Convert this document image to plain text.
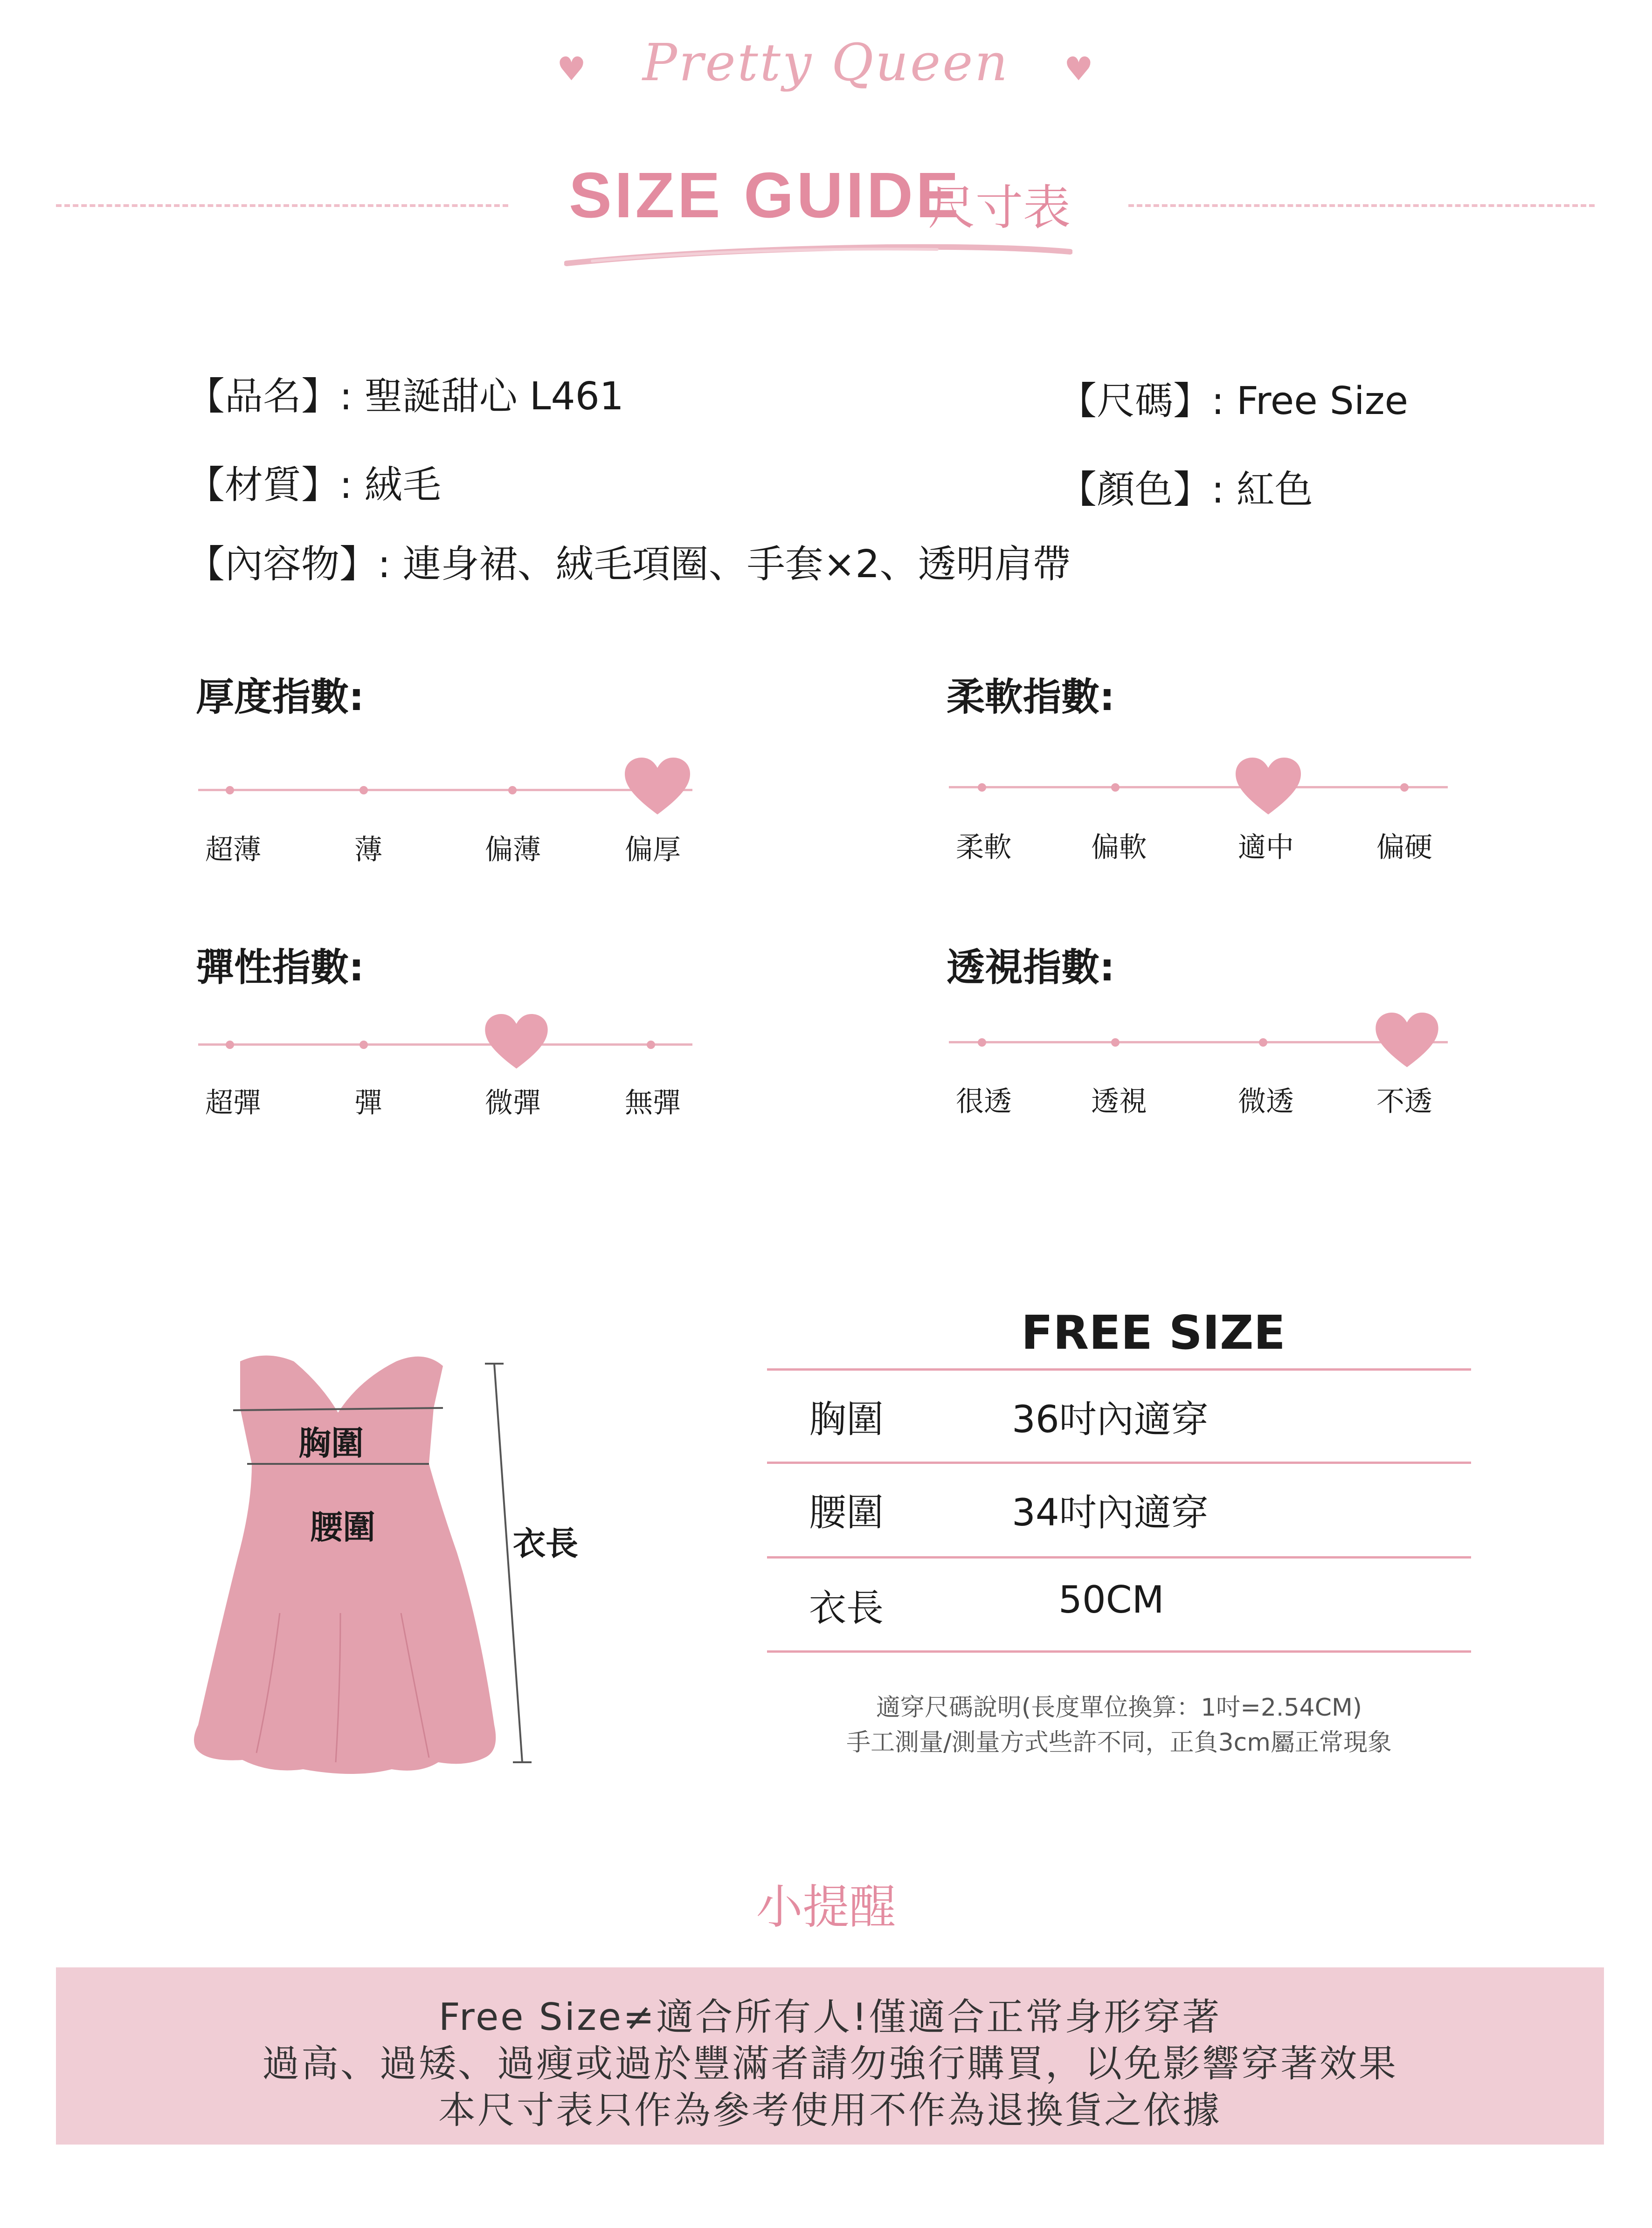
♥ Pretty Queen ♥
SIZE GUIDE
尺寸表
【品名】: 聖誕甜心 L461
【材質】: 絨毛
【內容物】: 連身裙、絨毛項圈、手套×2、透明肩帶
【尺碼】: Free Size
【顏色】: 紅色
厚度指數:
超薄	薄	偏薄	偏厚
柔軟指數:
柔軟	偏軟	適中	偏硬
彈性指數:
超彈	彈	微彈	無彈
透視指數:
很透	透視	微透	不透
胸圍
腰圍	衣長
FREE SIZE
胸圍	36吋內適穿
腰圍	34吋內適穿
衣長	50CM
適穿尺碼說明(長度單位換算：1吋=2.54CM)
手工測量/測量方式些許不同，正負3cm屬正常現象
小提醒
Free Size≠適合所有人!僅適合正常身形穿著
過高、過矮、過瘦或過於豐滿者請勿強行購買，以免影響穿著效果
本尺寸表只作為參考使用不作為退換貨之依據
